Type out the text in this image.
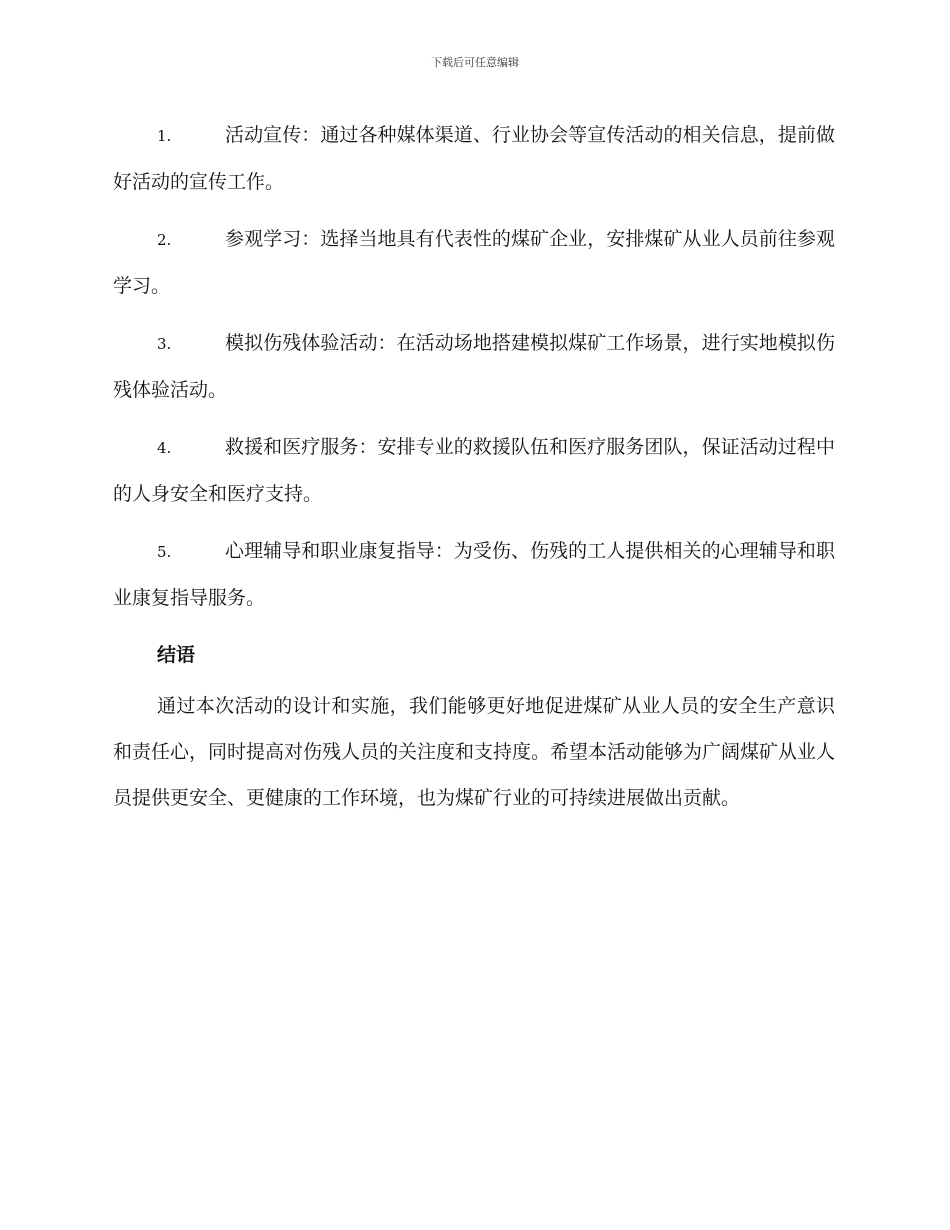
下载后可任意编辑

1.	活动宣传：通过各种媒体渠道、行业协会等宣传活动的相关信息，提前做好活动的宣传工作。

2.	参观学习：选择当地具有代表性的煤矿企业，安排煤矿从业人员前往参观学习。

3.	模拟伤残体验活动：在活动场地搭建模拟煤矿工作场景，进行实地模拟伤残体验活动。

4.	救援和医疗服务：安排专业的救援队伍和医疗服务团队，保证活动过程中的人身安全和医疗支持。

5.	心理辅导和职业康复指导：为受伤、伤残的工人提供相关的心理辅导和职业康复指导服务。

结语

通过本次活动的设计和实施，我们能够更好地促进煤矿从业人员的安全生产意识和责任心，同时提高对伤残人员的关注度和支持度。希望本活动能够为广阔煤矿从业人员提供更安全、更健康的工作环境，也为煤矿行业的可持续进展做出贡献。
